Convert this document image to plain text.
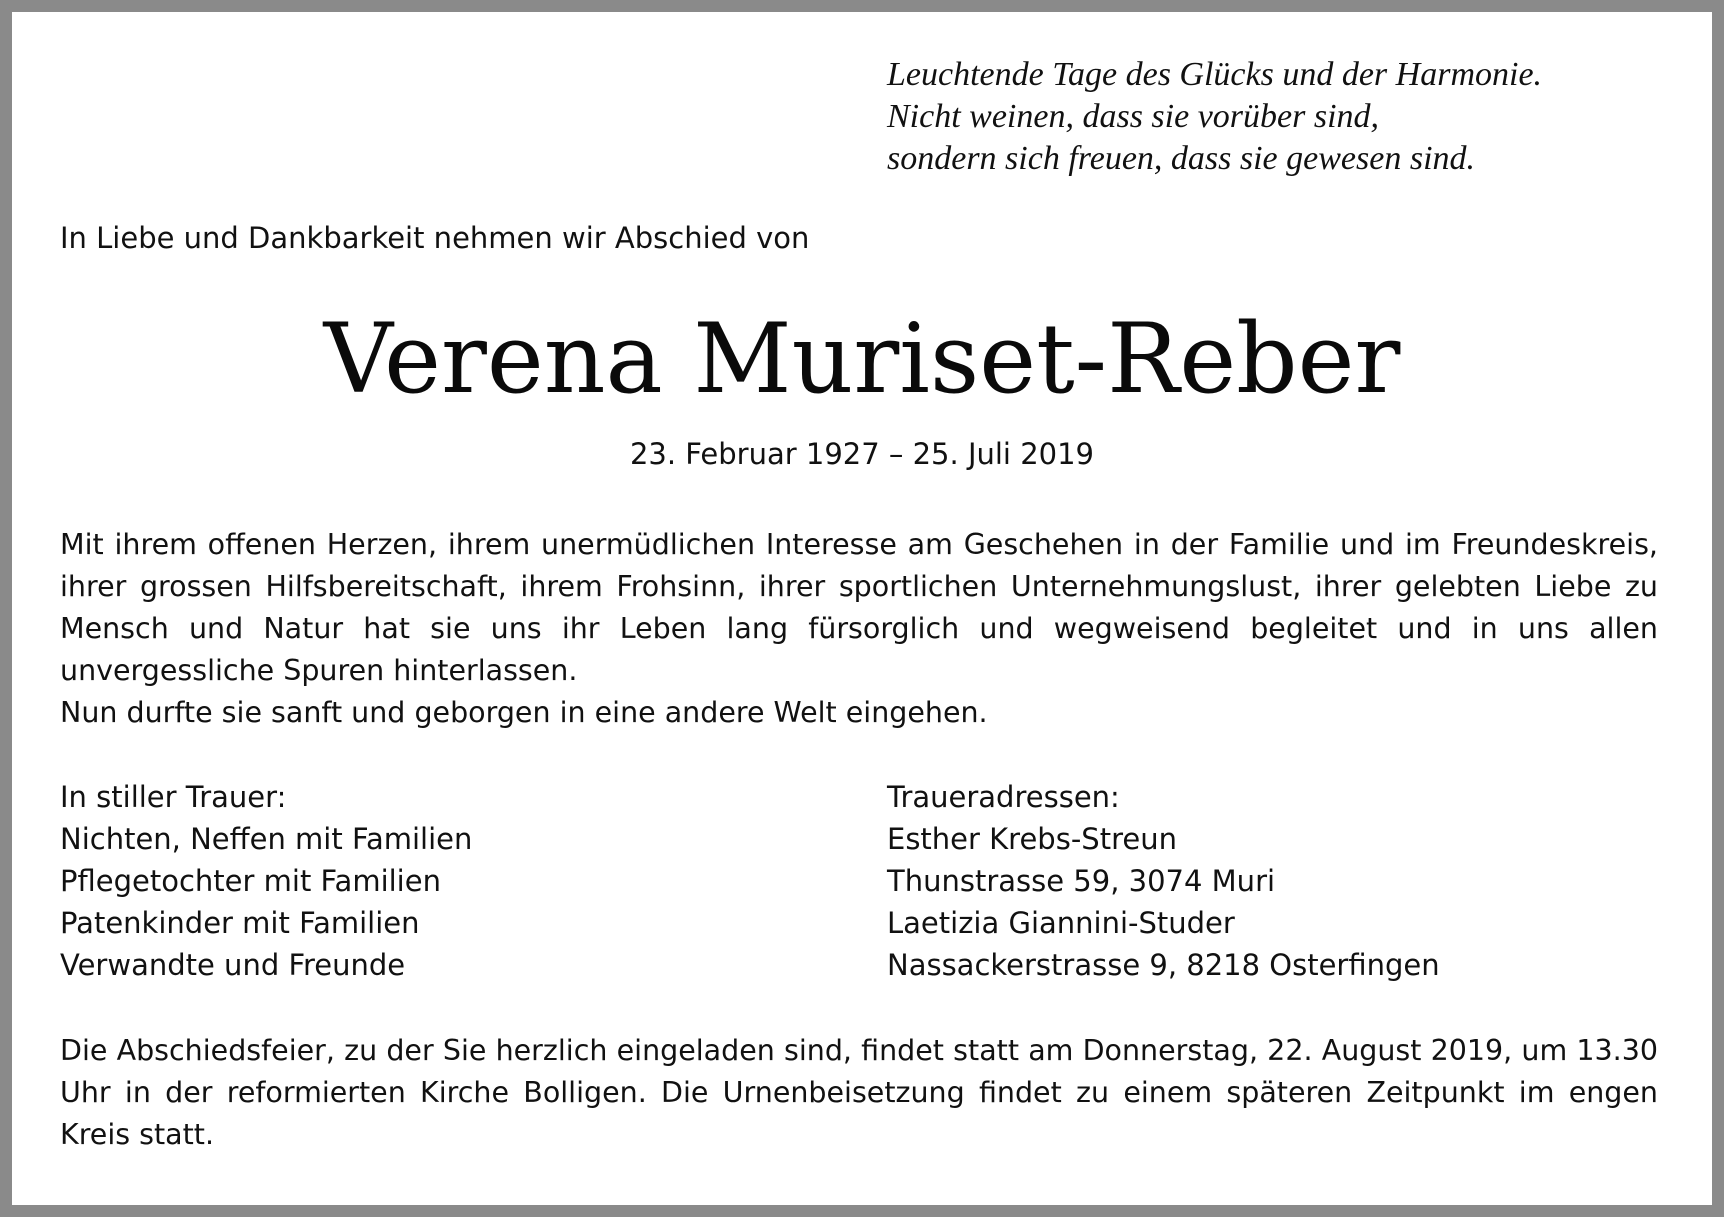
Leuchtende Tage des Glücks und der Harmonie.
Nicht weinen, dass sie vorüber sind,
sondern sich freuen, dass sie gewesen sind.
In Liebe und Dankbarkeit nehmen wir Abschied von
Verena Muriset-Reber
23. Februar 1927 – 25. Juli 2019

Mit ihrem offenen Herzen, ihrem unermüdlichen Interesse am Geschehen in der Familie und im Freundeskreis, ihrer grossen Hilfsbereitschaft, ihrem Frohsinn, ihrer sportlichen Unternehmungslust, ihrer gelebten Liebe zu Mensch und Natur hat sie uns ihr Leben lang fürsorglich und wegweisend begleitet und in uns allen unvergessliche Spuren hinterlassen.

Nun durfte sie sanft und geborgen in eine andere Welt eingehen.

In stiller Trauer:
Nichten, Neffen mit Familien
Pflegetochter mit Familien
Patenkinder mit Familien
Verwandte und Freunde
Traueradressen:
Esther Krebs-Streun
Thunstrasse 59, 3074 Muri
Laetizia Giannini-Studer
Nassackerstrasse 9, 8218 Osterfingen

Die Abschiedsfeier, zu der Sie herzlich eingeladen sind, findet statt am Donnerstag, 22. August 2019, um 13.30 Uhr in der reformierten Kirche Bolligen. Die Urnenbeisetzung findet zu einem späteren Zeitpunkt im engen Kreis statt.
